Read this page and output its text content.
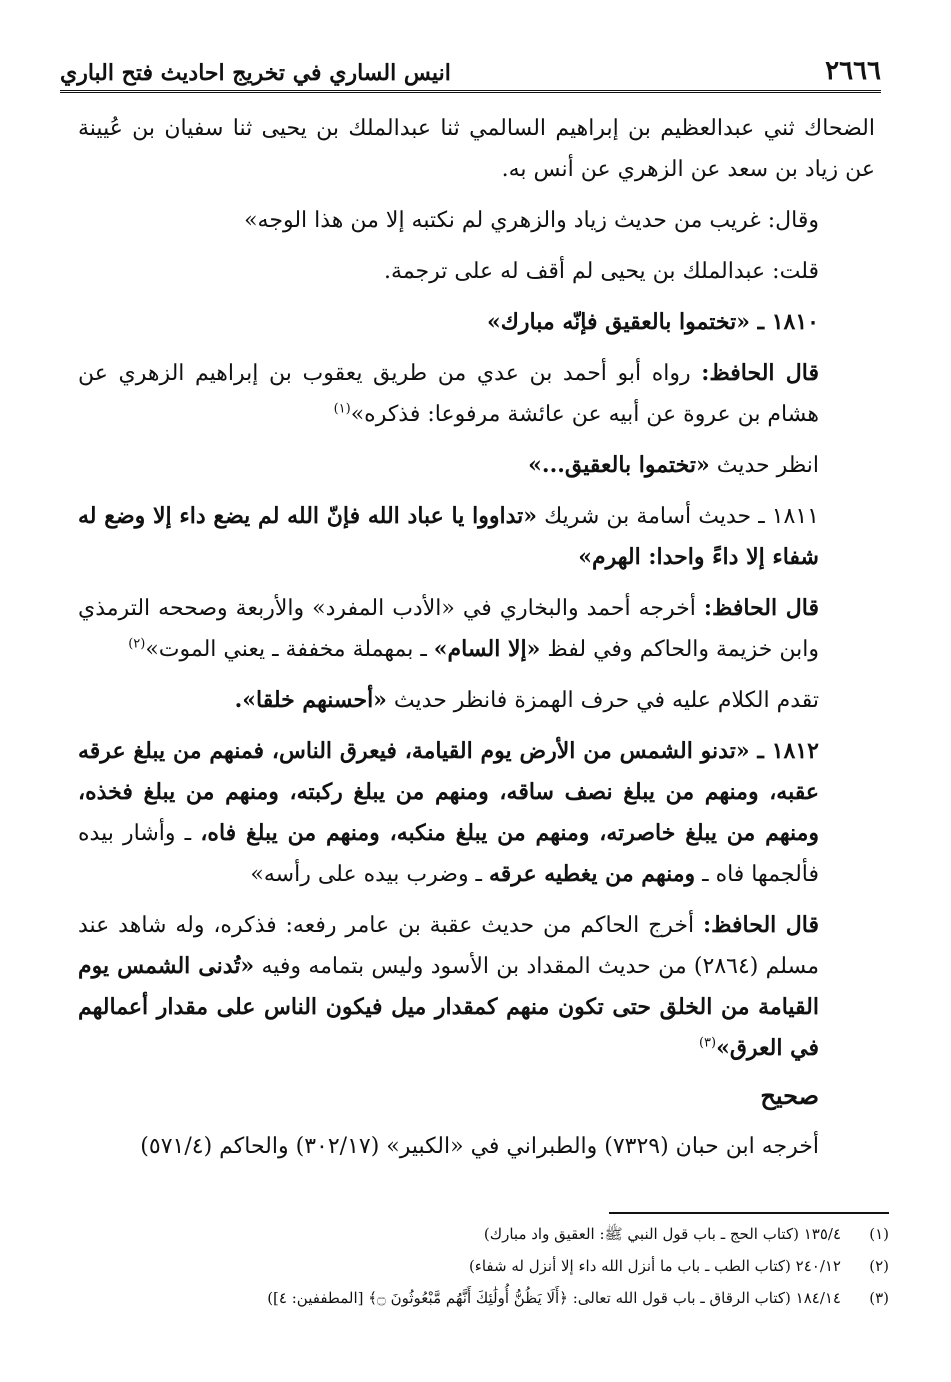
٢٦٦٦
انيس الساري في تخريج احاديث فتح الباري

الضحاك ثني عبدالعظيم بن إبراهيم السالمي ثنا عبدالملك بن يحيى ثنا سفيان بن عُيينة عن زياد بن سعد عن الزهري عن أنس به.

وقال: غريب من حديث زياد والزهري لم نكتبه إلا من هذا الوجه»

قلت: عبدالملك بن يحيى لم أقف له على ترجمة.

١٨١٠ ـ «تختموا بالعقيق فإنّه مبارك»

قال الحافظ: رواه أبو أحمد بن عدي من طريق يعقوب بن إبراهيم الزهري عن هشام بن عروة عن أبيه عن عائشة مرفوعا: فذكره»$^{(١)}$

انظر حديث «تختموا بالعقيق...»

١٨١١ ـ حديث أسامة بن شريك «تداووا يا عباد الله فإنّ الله لم يضع داء إلا وضع له شفاء إلا داءً واحدا: الهرم»

قال الحافظ: أخرجه أحمد والبخاري في «الأدب المفرد» والأربعة وصححه الترمذي وابن خزيمة والحاكم وفي لفظ «إلا السام» ـ بمهملة مخففة ـ يعني الموت»$^{(٢)}$

تقدم الكلام عليه في حرف الهمزة فانظر حديث «أحسنهم خلقا».

١٨١٢ ـ «تدنو الشمس من الأرض يوم القيامة، فيعرق الناس، فمنهم من يبلغ عرقه عقبه، ومنهم من يبلغ نصف ساقه، ومنهم من يبلغ ركبته، ومنهم من يبلغ فخذه، ومنهم من يبلغ خاصرته، ومنهم من يبلغ منكبه، ومنهم من يبلغ فاه، ـ وأشار بيده فألجمها فاه ـ ومنهم من يغطيه عرقه ـ وضرب بيده على رأسه»

قال الحافظ: أخرج الحاكم من حديث عقبة بن عامر رفعه: فذكره، وله شاهد عند مسلم (٢٨٦٤) من حديث المقداد بن الأسود وليس بتمامه وفيه «تُدنى الشمس يوم القيامة من الخلق حتى تكون منهم كمقدار ميل فيكون الناس على مقدار أعمالهم في العرق»$^{(٣)}$

صحيح

أخرجه ابن حبان (٧٣٢٩) والطبراني في «الكبير» (٣٠٢/١٧) والحاكم (٥٧١/٤)

(١)
١٣٥/٤ (كتاب الحج ـ باب قول النبي ﷺ: العقيق واد مبارك)
(٢)
٢٤٠/١٢ (كتاب الطب ـ باب ما أنزل الله داء إلا أنزل له شفاء)
(٣)
١٨٤/١٤ (كتاب الرقاق ـ باب قول الله تعالى: ﴿أَلَا يَظُنُّ أُولَٰئِكَ أَنَّهُم مَّبْعُوثُونَ ۝﴾ [المطففين: ٤])
